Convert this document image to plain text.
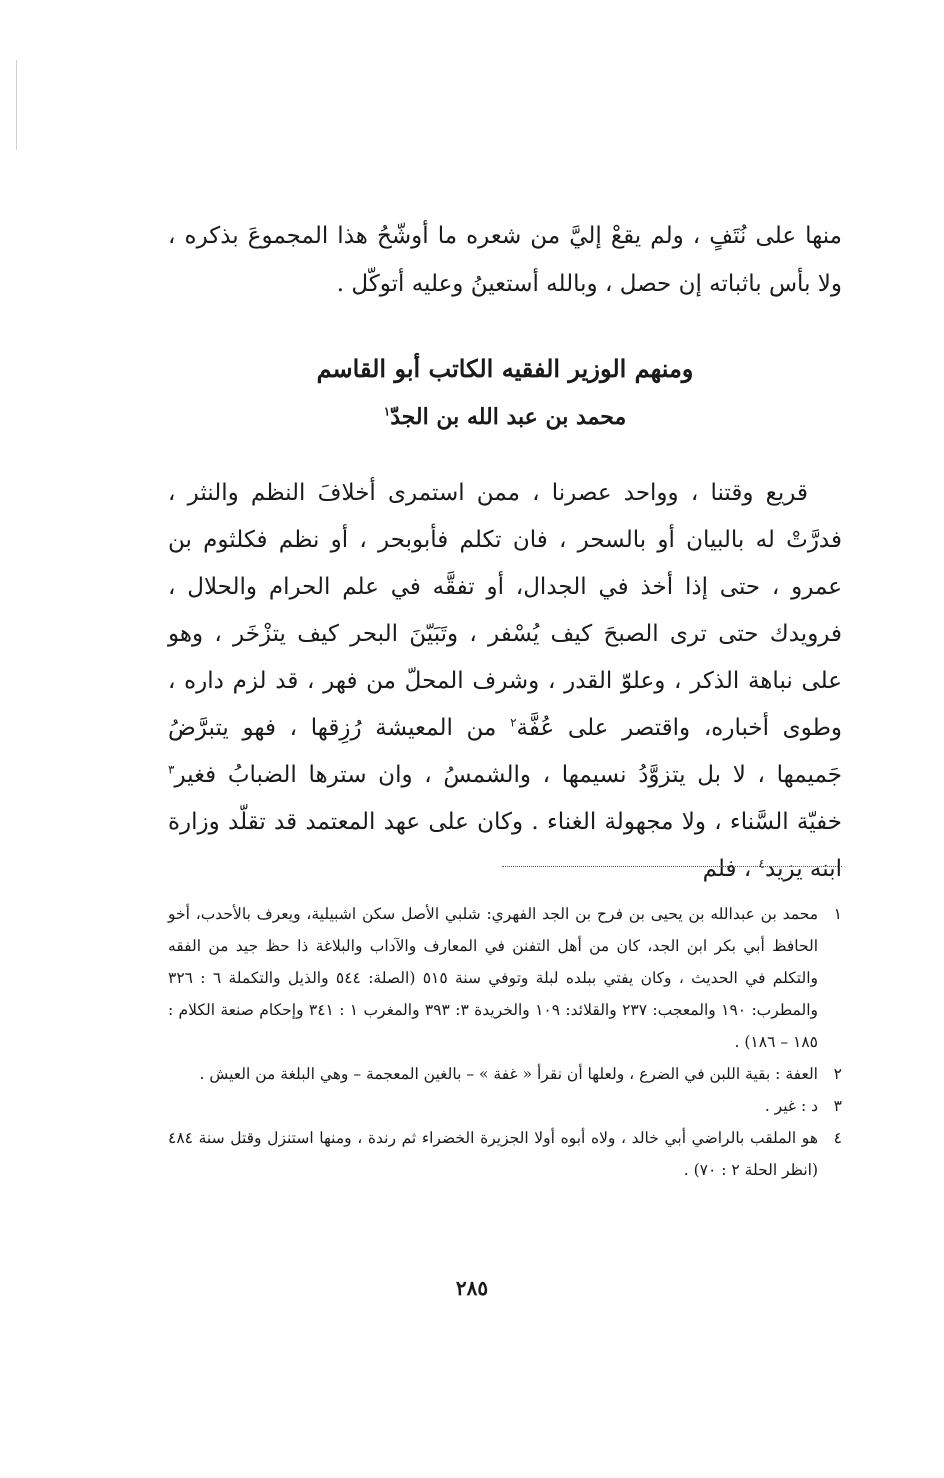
منها على نُتَفٍ ، ولم يقعْ إليَّ من شعره ما أوشّحُ هذا المجموعَ بذكره ، ولا بأس باثباته إن حصل ، وبالله أستعينُ وعليه أتوكّل .

ومنهم الوزير الفقيه الكاتب أبو القاسم
محمد بن عبد الله بن الجدّ$^١$

قريع وقتنا ، وواحد عصرنا ، ممن استمرى أخلافَ النظم والنثر ، فدرَّتْ له بالبيان أو بالسحر ، فان تكلم فأبوبحر ، أو نظم فكلثوم بن عمرو ، حتى إذا أخذ في الجدال، أو تفقَّه في علم الحرام والحلال ، فرويدك حتى ترى الصبحَ كيف يُسْفر ، وتَبَيّنَ البحر كيف يتزْخَر ، وهو على نباهة الذكر ، وعلوّ القدر ، وشرف المحلّ من فهر ، قد لزم داره ، وطوى أخباره، واقتصر على عُفَّة$^٢$ من المعيشة رُزِقها ، فهو يتبرَّضُ جَميمها ، لا بل يتزوَّدُ نسيمها ، والشمسُ ، وان سترها الضبابُ فغير$^٣$ خفيّة السَّناء ، ولا مجهولة الغناء . وكان على عهد المعتمد قد تقلّد وزارة ابنه يزيد$^٤$ ، فلم

١
محمد بن عبدالله بن يحيى بن فرح بن الجد الفهري: شلبي الأصل سكن اشبيلية، ويعرف بالأحدب، أخو الحافظ أبي بكر ابن الجد، كان من أهل التفنن في المعارف والآداب والبلاغة ذا حظ جيد من الفقه والتكلم في الحديث ، وكان يفتي ببلده لبلة وتوفي سنة ٥١٥ (الصلة: ٥٤٤ والذيل والتكملة ٦ : ٣٢٦ والمطرب: ١٩٠ والمعجب: ٢٣٧ والقلائد: ١٠٩ والخريدة ٣: ٣٩٣ والمغرب ١ : ٣٤١ وإحكام صنعة الكلام : ١٨٥ – ١٨٦) .
٢
العفة : بقية اللبن في الضرع ، ولعلها أن نقرأ « غفة » – بالغين المعجمة – وهي البلغة من العيش .
٣
د : غير .
٤
هو الملقب بالراضي أبي خالد ، ولاه أبوه أولا الجزيرة الخضراء ثم رندة ، ومنها استنزل وقتل سنة ٤٨٤ (انظر الحلة ٢ : ٧٠) .
٢٨٥
